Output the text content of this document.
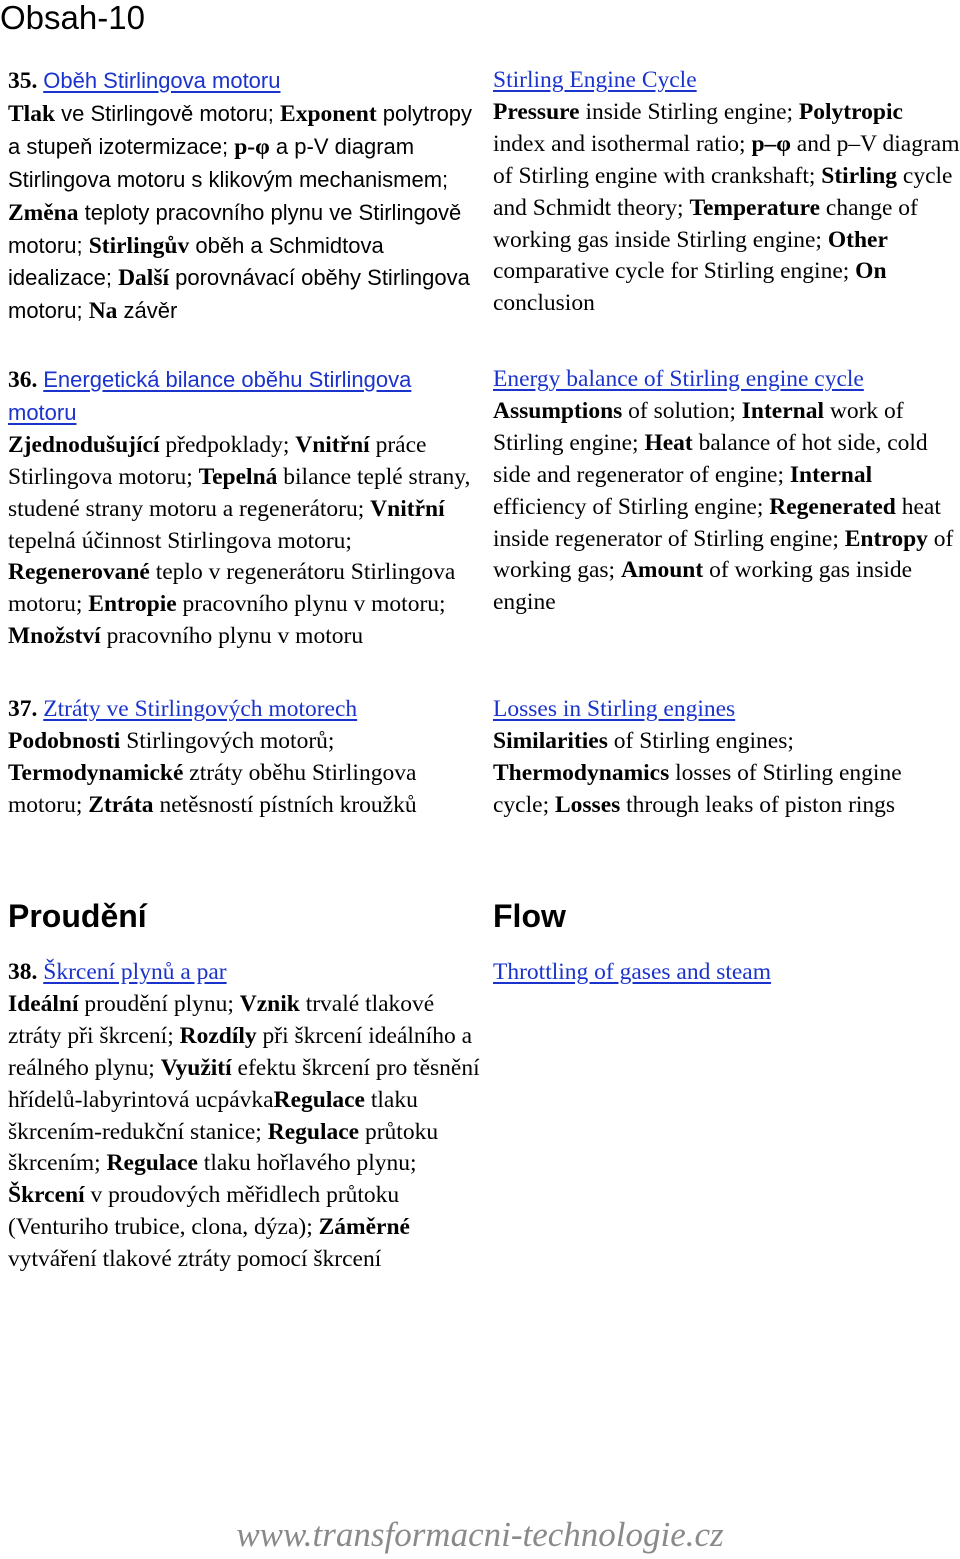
Obsah-10

35. Oběh Stirlingova motoru
Tlak ve Stirlingově motoru; Exponent polytropy a stupeň izotermizace; p-φ a p-V diagram Stirlingova motoru s klikovým mechanismem; Změna teploty pracovního plynu ve Stirlingově motoru; Stirlingův oběh a Schmidtova idealizace; Další porovnávací oběhy Stirlingova motoru; Na závěr

36. Energetická bilance oběhu Stirlingova motoru
Zjednodušující předpoklady; Vnitřní práce Stirlingova motoru; Tepelná bilance teplé strany, studené strany motoru a regenerátoru; Vnitřní tepelná účinnost Stirlingova motoru; Regenerované teplo v regenerátoru Stirlingova motoru; Entropie pracovního plynu v motoru; Množství pracovního plynu v motoru

37. Ztráty ve Stirlingových motorech
Podobnosti Stirlingových motorů; Termodynamické ztráty oběhu Stirlingova motoru; Ztráta netěsností pístních kroužků

Proudění

38. Škrcení plynů a par
Ideální proudění plynu; Vznik trvalé tlakové ztráty při škrcení; Rozdíly při škrcení ideálního a reálného plynu; Využití efektu škrcení pro těsnění hřídelů-labyrintová ucpávkaRegulace tlaku škrcením-redukční stanice; Regulace průtoku škrcením; Regulace tlaku hořlavého plynu; Škrcení v proudových měřidlech průtoku (Venturiho trubice, clona, dýza); Záměrné vytváření tlakové ztráty pomocí škrcení

Stirling Engine Cycle
Pressure inside Stirling engine; Polytropic index and isothermal ratio; p–φ and p–V diagram of Stirling engine with crankshaft; Stirling cycle and Schmidt theory; Temperature change of working gas inside Stirling engine; Other comparative cycle for Stirling engine; On conclusion

Energy balance of Stirling engine cycle
Assumptions of solution; Internal work of Stirling engine; Heat balance of hot side, cold side and regenerator of engine; Internal efficiency of Stirling engine; Regenerated heat inside regenerator of Stirling engine; Entropy of working gas; Amount of working gas inside engine

Losses in Stirling engines
Similarities of Stirling engines; Thermodynamics losses of Stirling engine cycle; Losses through leaks of piston rings

Flow

Throttling of gases and steam

www.transformacni-technologie.cz
